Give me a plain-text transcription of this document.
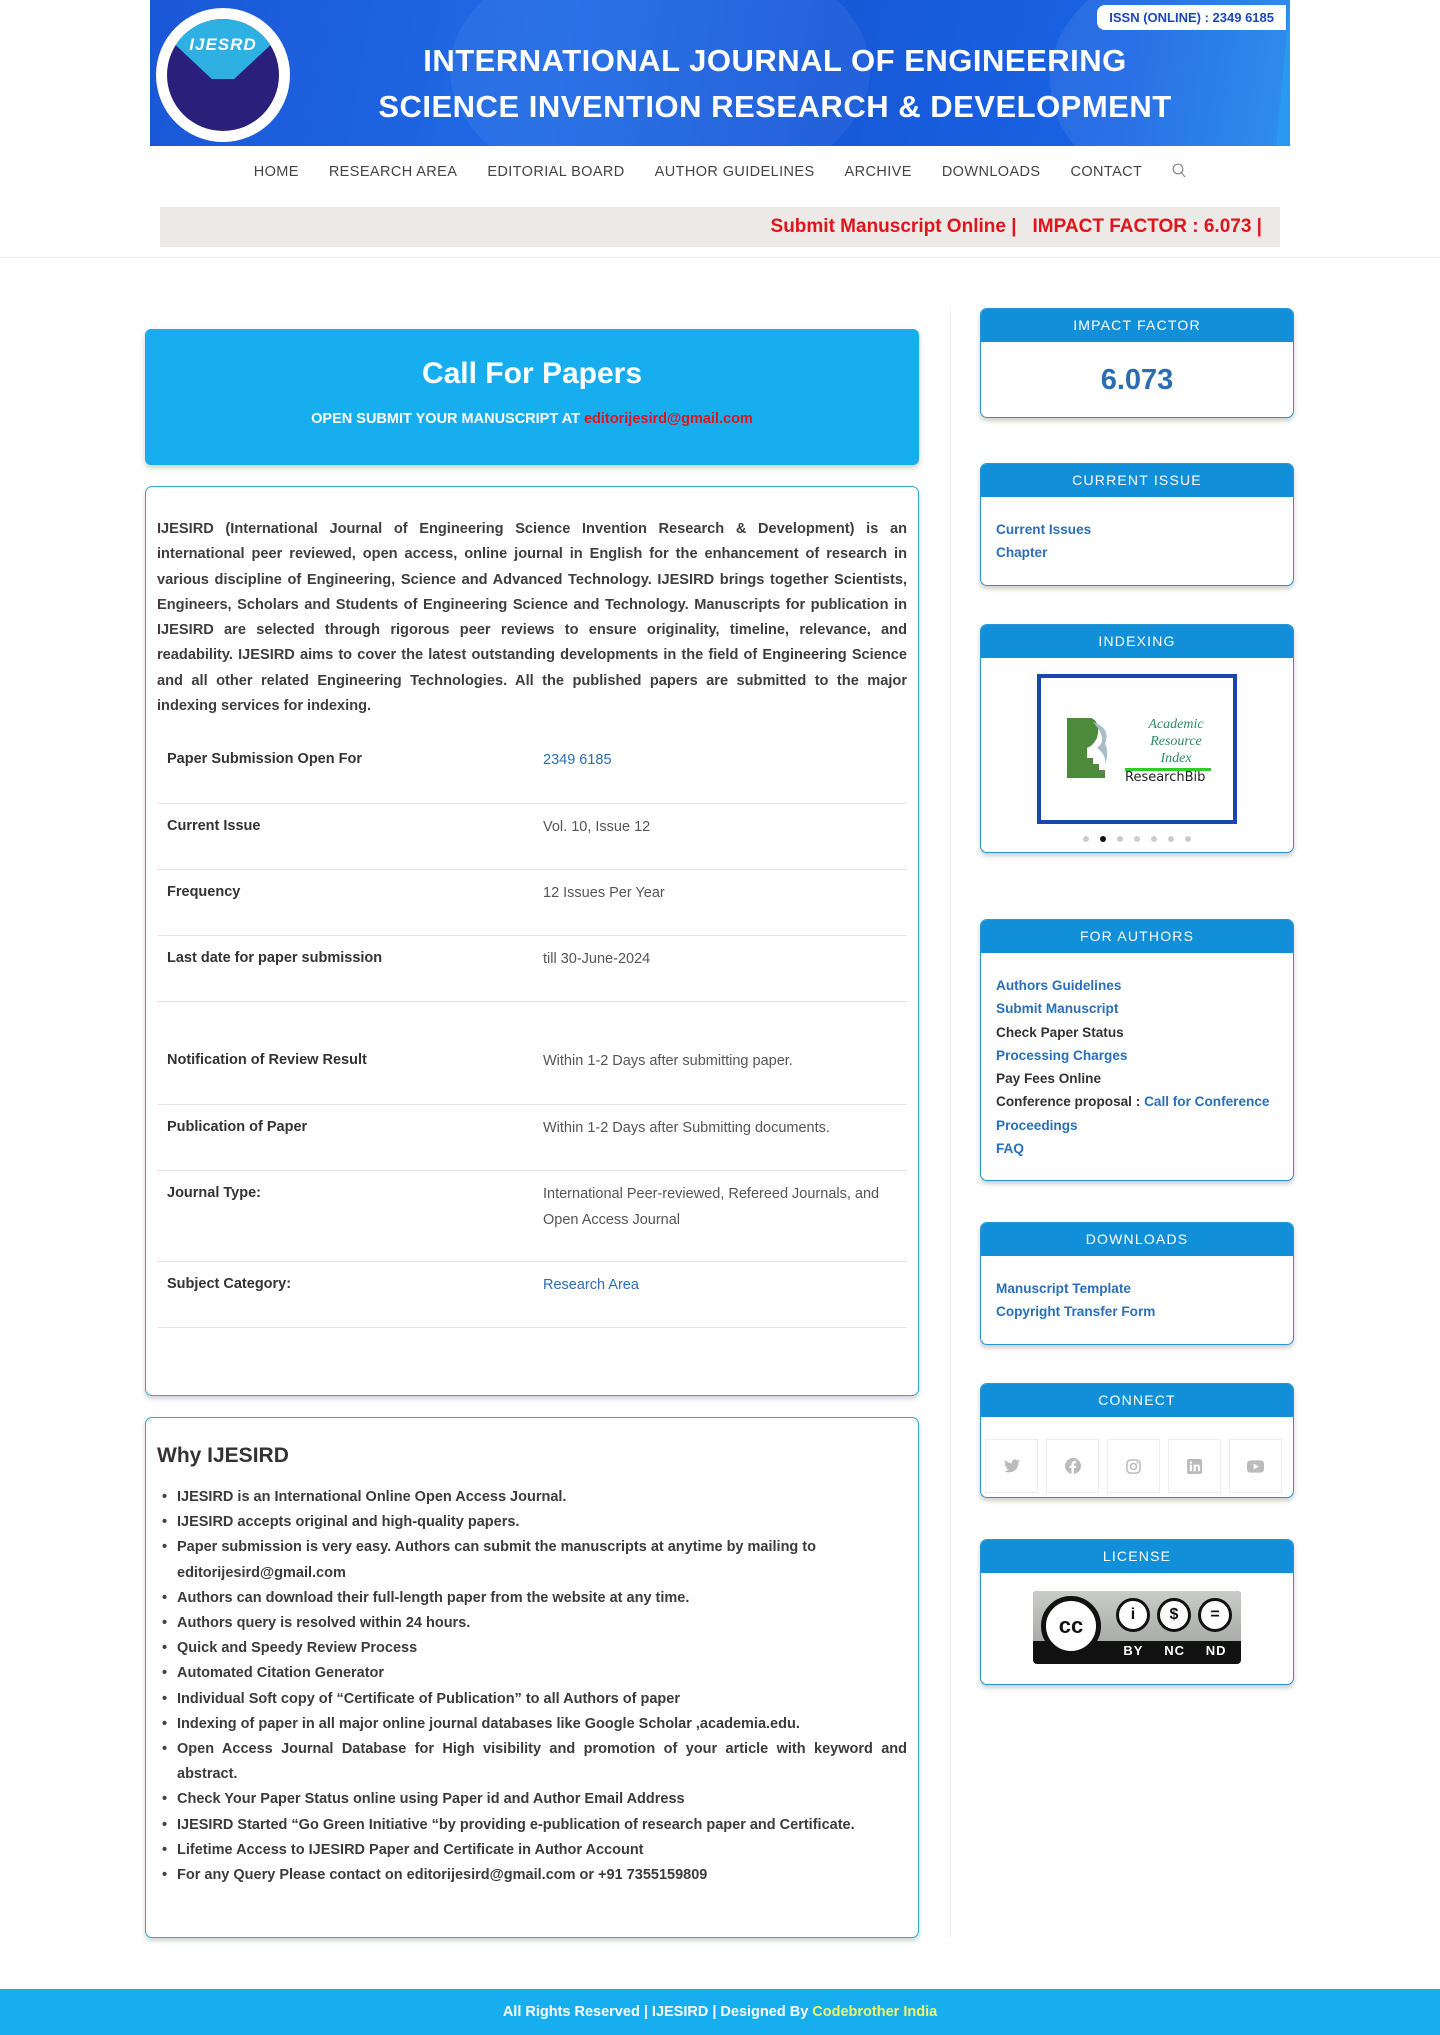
IJESRD
ISSN (ONLINE) : 2349 6185
INTERNATIONAL JOURNAL OF ENGINEERING
SCIENCE INVENTION RESEARCH & DEVELOPMENT
HOME	RESEARCH AREA	EDITORIAL BOARD	AUTHOR GUIDELINES	ARCHIVE	DOWNLOADS	CONTACT
Submit Manuscript Online | IMPACT FACTOR : 6.073 |
Call For Papers
OPEN SUBMIT YOUR MANUSCRIPT AT editorijesird@gmail.com

IJESIRD (International Journal of Engineering Science Invention Research & Development) is an international peer reviewed, open access, online journal in English for the enhancement of research in various discipline of Engineering, Science and Advanced Technology. IJESIRD brings together Scientists, Engineers, Scholars and Students of Engineering Science and Technology. Manuscripts for publication in IJESIRD are selected through rigorous peer reviews to ensure originality, timeline, relevance, and readability. IJESIRD aims to cover the latest outstanding developments in the field of Engineering Science and all other related Engineering Technologies. All the published papers are submitted to the major indexing services for indexing.

Paper Submission Open For	2349 6185
Current Issue	Vol. 10, Issue 12
Frequency	12 Issues Per Year
Last date for paper submission	till 30-June-2024
Notification of Review Result	Within 1-2 Days after submitting paper.
Publication of Paper	Within 1-2 Days after Submitting documents.
Journal Type:	International Peer-reviewed, Refereed Journals, and Open Access Journal
Subject Category:	Research Area
Why IJESIRD
• IJESIRD is an International Online Open Access Journal.
• IJESIRD accepts original and high-quality papers.
• Paper submission is very easy. Authors can submit the manuscripts at anytime by mailing to editorijesird@gmail.com
• Authors can download their full-length paper from the website at any time.
• Authors query is resolved within 24 hours.
• Quick and Speedy Review Process
• Automated Citation Generator
• Individual Soft copy of “Certificate of Publication” to all Authors of paper
• Indexing of paper in all major online journal databases like Google Scholar ,academia.edu.
• Open Access Journal Database for High visibility and promotion of your article with keyword and abstract.
• Check Your Paper Status online using Paper id and Author Email Address
• IJESIRD Started “Go Green Initiative “by providing e-publication of research paper and Certificate.
• Lifetime Access to IJESIRD Paper and Certificate in Author Account
• For any Query Please contact on editorijesird@gmail.com or +91 7355159809
IMPACT FACTOR
6.073
CURRENT ISSUE
Current Issues
Chapter
INDEXING
Academic
Resource
Index
ResearchBib
FOR AUTHORS
Authors Guidelines
Submit Manuscript
Check Paper Status
Processing Charges
Pay Fees Online
Conference proposal : Call for Conference
Proceedings
FAQ
DOWNLOADS
Manuscript Template
Copyright Transfer Form
CONNECT
LICENSE
cc	i	$	=
BY NC ND
All Rights Reserved | IJESIRD | Designed By Codebrother India
